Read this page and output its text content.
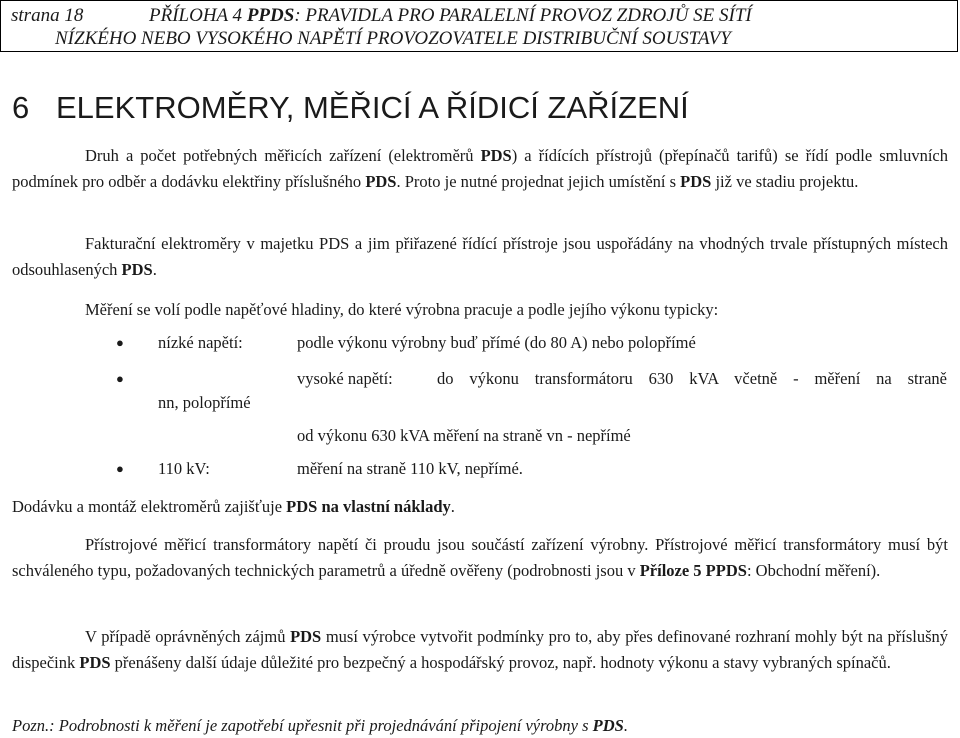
strana 18	PŘÍLOHA 4 PPDS: PRAVIDLA PRO PARALELNÍ PROVOZ ZDROJŮ SE SÍTÍ
NÍZKÉHO NEBO VYSOKÉHO NAPĚTÍ PROVOZOVATELE DISTRIBUČNÍ SOUSTAVY
6 ELEKTROMĚRY, MĚŘICÍ A ŘÍDICÍ ZAŘÍZENÍ
Druh a počet potřebných měřicích zařízení (elektroměrů PDS) a řídících přístrojů (přepínačů tarifů) se řídí podle smluvních podmínek pro odběr a dodávku elektřiny příslušného PDS. Proto je nutné projednat jejich umístění s PDS již ve stadiu projektu.
Fakturační elektroměry v majetku PDS a jim přiřazené řídící přístroje jsou uspořádány na vhodných trvale přístupných místech odsouhlasených PDS.
Měření se volí podle napěťové hladiny, do které výrobna pracuje a podle jejího výkonu typicky:
● nízké napětí:	podle výkonu výrobny buď přímé (do 80 A) nebo polopřímé
●	vysoké napětí:	do výkonu transformátoru 630 kVA včetně - měření na straně
nn, polopřímé
od výkonu 630 kVA měření na straně vn - nepřímé
● 110 kV:	měření na straně 110 kV, nepřímé.
Dodávku a montáž elektroměrů zajišťuje PDS na vlastní náklady.
Přístrojové měřicí transformátory napětí či proudu jsou součástí zařízení výrobny. Přístrojové měřicí transformátory musí být schváleného typu, požadovaných technických parametrů a úředně ověřeny (podrobnosti jsou v Příloze 5 PPDS: Obchodní měření).
V případě oprávněných zájmů PDS musí výrobce vytvořit podmínky pro to, aby přes definované rozhraní mohly být na příslušný dispečink PDS přenášeny další údaje důležité pro bezpečný a hospodářský provoz, např. hodnoty výkonu a stavy vybraných spínačů.
Pozn.: Podrobnosti k měření je zapotřebí upřesnit při projednávání připojení výrobny s PDS.
